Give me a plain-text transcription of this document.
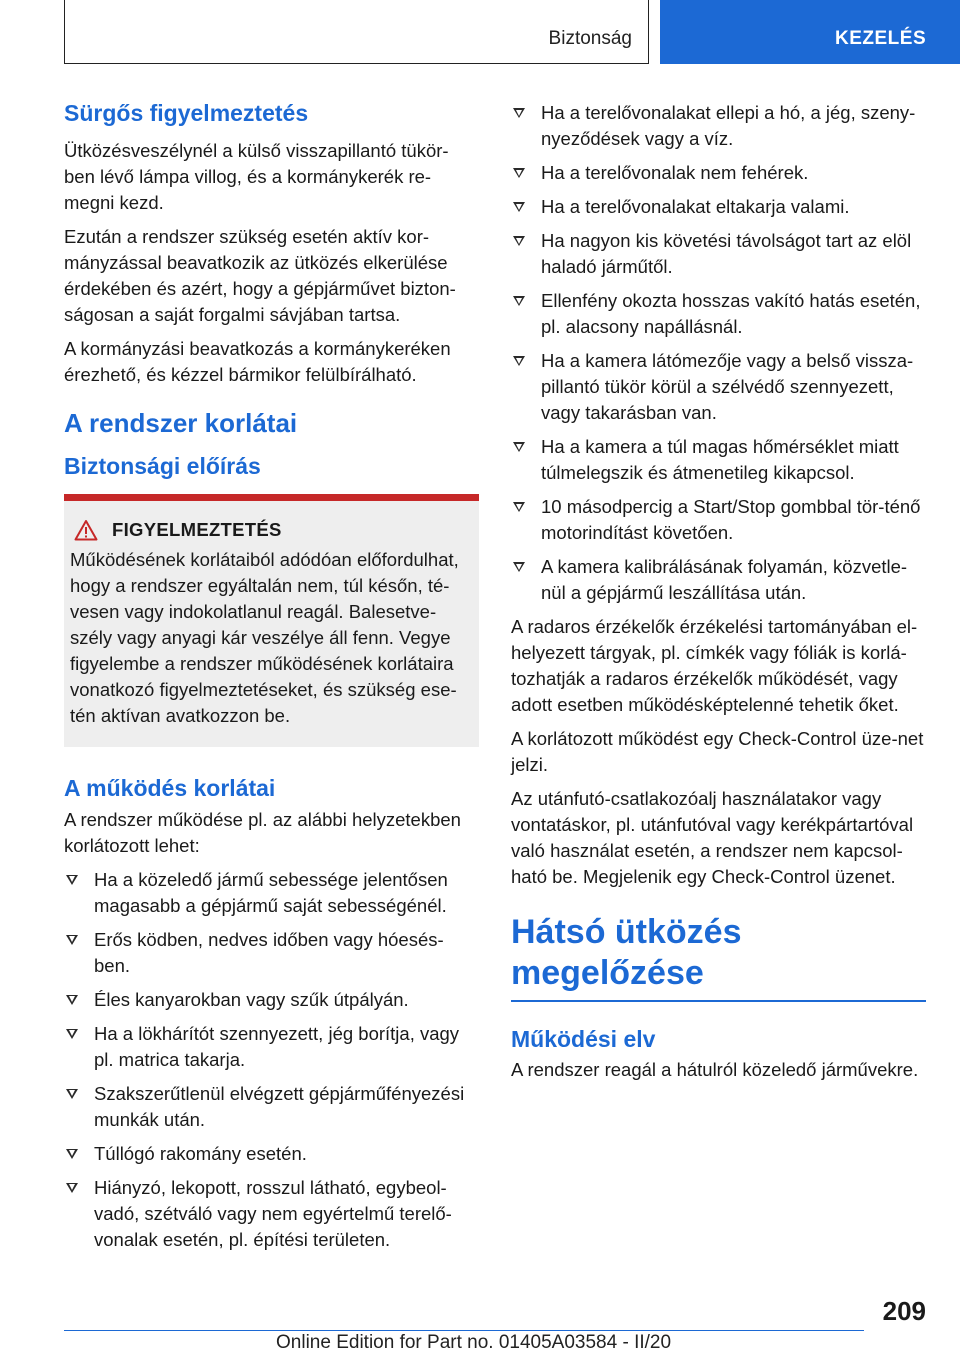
Biztonság	KEZELÉS
Sürgős figyelmeztetés

Ütközésveszélynél a külső visszapillantó tükör-ben lévő lámpa villog, és a kormánykerék re-megni kezd.

Ezután a rendszer szükség esetén aktív kor-mányzással beavatkozik az ütközés elkerülése érdekében és azért, hogy a gépjárművet bizton-ságosan a saját forgalmi sávjában tartsa.

A kormányzási beavatkozás a kormánykeréken érezhető, és kézzel bármikor felülbírálható.

A rendszer korlátai
Biztonsági előírás
FIGYELMEZTETÉS

Működésének korlátaiból adódóan előfordulhat, hogy a rendszer egyáltalán nem, túl későn, té-vesen vagy indokolatlanul reagál. Balesetve-szély vagy anyagi kár veszélye áll fenn. Vegye figyelembe a rendszer működésének korlátaira vonatkozó figyelmeztetéseket, és szükség ese-tén aktívan avatkozzon be.

A működés korlátai

A rendszer működése pl. az alábbi helyzetekben korlátozott lehet:

Ha a közeledő jármű sebessége jelentősen magasabb a gépjármű saját sebességénél.
Erős ködben, nedves időben vagy hóesés-ben.
Éles kanyarokban vagy szűk útpályán.
Ha a lökhárítót szennyezett, jég borítja, vagy pl. matrica takarja.
Szakszerűtlenül elvégzett gépjárműfényezési munkák után.
Túllógó rakomány esetén.
Hiányzó, lekopott, rosszul látható, egybeol-vadó, szétváló vagy nem egyértelmű terelő-vonalak esetén, pl. építési területen.
Ha a terelővonalakat ellepi a hó, a jég, szeny-nyeződések vagy a víz.
Ha a terelővonalak nem fehérek.
Ha a terelővonalakat eltakarja valami.
Ha nagyon kis követési távolságot tart az elöl haladó járműtől.
Ellenfény okozta hosszas vakító hatás esetén, pl. alacsony napállásnál.
Ha a kamera látómezője vagy a belső vissza-pillantó tükör körül a szélvédő szennyezett, vagy takarásban van.
Ha a kamera a túl magas hőmérséklet miatt túlmelegszik és átmenetileg kikapcsol.
10 másodpercig a Start/Stop gombbal tör-ténő motorindítást követően.
A kamera kalibrálásának folyamán, közvetle-nül a gépjármű leszállítása után.

A radaros érzékelők érzékelési tartományában el-helyezett tárgyak, pl. címkék vagy fóliák is korlá-tozhatják a radaros érzékelők működését, vagy adott esetben működésképtelenné tehetik őket.

A korlátozott működést egy Check-Control üze-net jelzi.

Az utánfutó-csatlakozóalj használatakor vagy vontatáskor, pl. utánfutóval vagy kerékpártartóval való használat esetén, a rendszer nem kapcsol-ható be. Megjelenik egy Check-Control üzenet.

Hátsó ütközés megelőzése
Működési elv

A rendszer reagál a hátulról közeledő járművekre.

209
Online Edition for Part no. 01405A03584 - II/20
